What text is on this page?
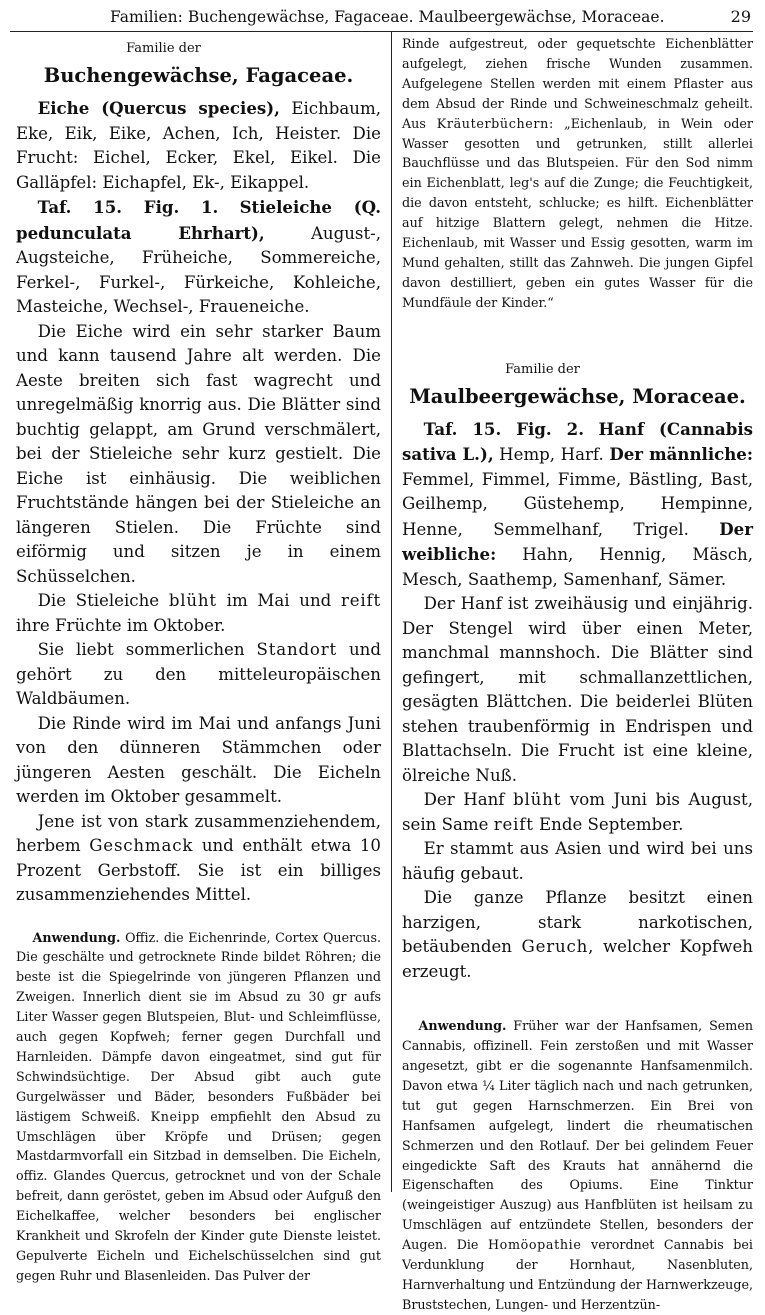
Familien: Buchengewächse, Fagaceae. Maulbeergewächse, Moraceae.	29
Familie der
Buchengewächse, Fagaceae.

Eiche (Quercus species), Eichbaum, Eke, Eik, Eike, Achen, Ich, Heister. Die Frucht: Eichel, Ecker, Ekel, Eikel. Die Galläpfel: Eichapfel, Ek-, Eikappel.

Taf. 15. Fig. 1. Stieleiche (Q. pedunculata Ehrhart),	August-, Augsteiche, Früheiche, Sommereiche, Ferkel-, Furkel-, Fürkeiche, Kohleiche, Masteiche, Wechsel-, Fraueneiche.

Die Eiche wird ein sehr starker Baum und kann tausend Jahre alt werden. Die Aeste breiten sich fast wagrecht und unregelmäßig knorrig aus. Die Blätter sind buchtig gelappt, am Grund verschmälert, bei der Stieleiche sehr kurz gestielt. Die Eiche ist einhäusig. Die weiblichen Fruchtstände hängen bei der Stieleiche an längeren Stielen. Die Früchte sind eiförmig und sitzen je in einem Schüsselchen.

Die Stieleiche blüht im Mai und reift ihre Früchte im Oktober.

Sie liebt sommerlichen Standort und gehört zu den mitteleuropäischen Waldbäumen.

Die Rinde wird im Mai und anfangs Juni von den dünneren Stämmchen oder jüngeren Aesten geschält. Die Eicheln werden im Oktober gesammelt.

Jene ist von stark zusammenziehendem, herbem Geschmack und enthält etwa 10 Prozent Gerbstoff. Sie ist ein billiges zusammenziehendes Mittel.

Anwendung. Offiz. die Eichenrinde, Cortex Quercus. Die geschälte und getrocknete Rinde bildet Röhren; die beste ist die Spiegelrinde von jüngeren Pflanzen und Zweigen. Innerlich dient sie im Absud zu 30 gr aufs Liter Wasser gegen Blutspeien, Blut- und Schleimflüsse, auch gegen Kopfweh; ferner gegen Durchfall und Harnleiden. Dämpfe davon eingeatmet, sind gut für Schwindsüchtige. Der Absud gibt auch gute Gurgelwässer und Bäder, besonders Fußbäder bei lästigem Schweiß. Kneipp empfiehlt den Absud zu Umschlägen über Kröpfe und Drüsen; gegen Mastdarmvorfall ein Sitzbad in demselben. Die Eicheln, offiz. Glandes Quercus, getrocknet und von der Schale befreit, dann geröstet, geben im Absud oder Aufguß den Eichelkaffee, welcher besonders bei englischer Krankheit und Skrofeln der Kinder gute Dienste leistet. Gepulverte Eicheln und Eichelschüsselchen sind gut gegen Ruhr und Blasenleiden. Das Pulver der

Rinde aufgestreut, oder gequetschte Eichenblätter aufgelegt, ziehen frische Wunden zusammen. Aufgelegene Stellen werden mit einem Pflaster aus dem Absud der Rinde und Schweineschmalz geheilt. Aus Kräuterbüchern: „Eichenlaub, in Wein oder Wasser gesotten und getrunken, stillt allerlei Bauchflüsse und das Blutspeien. Für den Sod nimm ein Eichenblatt, leg's auf die Zunge; die Feuchtigkeit, die davon entsteht, schlucke; es hilft. Eichenblätter auf hitzige Blattern gelegt, nehmen die Hitze. Eichenlaub, mit Wasser und Essig gesotten, warm im Mund gehalten, stillt das Zahnweh. Die jungen Gipfel davon destilliert, geben ein gutes Wasser für die Mundfäule der Kinder.“

Familie der
Maulbeergewächse, Moraceae.

Taf. 15. Fig. 2. Hanf (Cannabis sativa L.), Hemp, Harf. Der männliche: Femmel, Fimmel, Fimme, Bästling, Bast, Geilhemp, Güstehemp, Hempinne, Henne, Semmelhanf, Trigel. Der weibliche: Hahn, Hennig, Mäsch, Mesch, Saathemp, Samenhanf, Sämer.

Der Hanf ist zweihäusig und einjährig. Der Stengel wird über einen Meter, manchmal mannshoch. Die Blätter sind gefingert, mit schmallanzettlichen, gesägten Blättchen. Die beiderlei Blüten stehen traubenförmig in Endrispen und Blattachseln. Die Frucht ist eine kleine, ölreiche Nuß.

Der Hanf blüht vom Juni bis August, sein Same reift Ende September.

Er stammt aus Asien und wird bei uns häufig gebaut.

Die ganze Pflanze besitzt einen harzigen, stark narkotischen, betäubenden Geruch, welcher Kopfweh erzeugt.

Anwendung. Früher war der Hanfsamen, Semen Cannabis, offizinell. Fein zerstoßen und mit Wasser angesetzt, gibt er die sogenannte Hanfsamenmilch. Davon etwa ¼ Liter täglich nach und nach getrunken, tut gut gegen Harnschmerzen. Ein Brei von Hanfsamen aufgelegt, lindert die rheumatischen Schmerzen und den Rotlauf. Der bei gelindem Feuer eingedickte Saft des Krauts hat annähernd die Eigenschaften des Opiums. Eine Tinktur (weingeistiger Auszug) aus Hanfblüten ist heilsam zu Umschlägen auf entzündete Stellen, besonders der Augen. Die Homöopathie verordnet Cannabis bei Verdunklung der Hornhaut, Nasenbluten, Harnverhaltung und Entzündung der Harnwerkzeuge, Bruststechen, Lungen- und Herzentzün-
